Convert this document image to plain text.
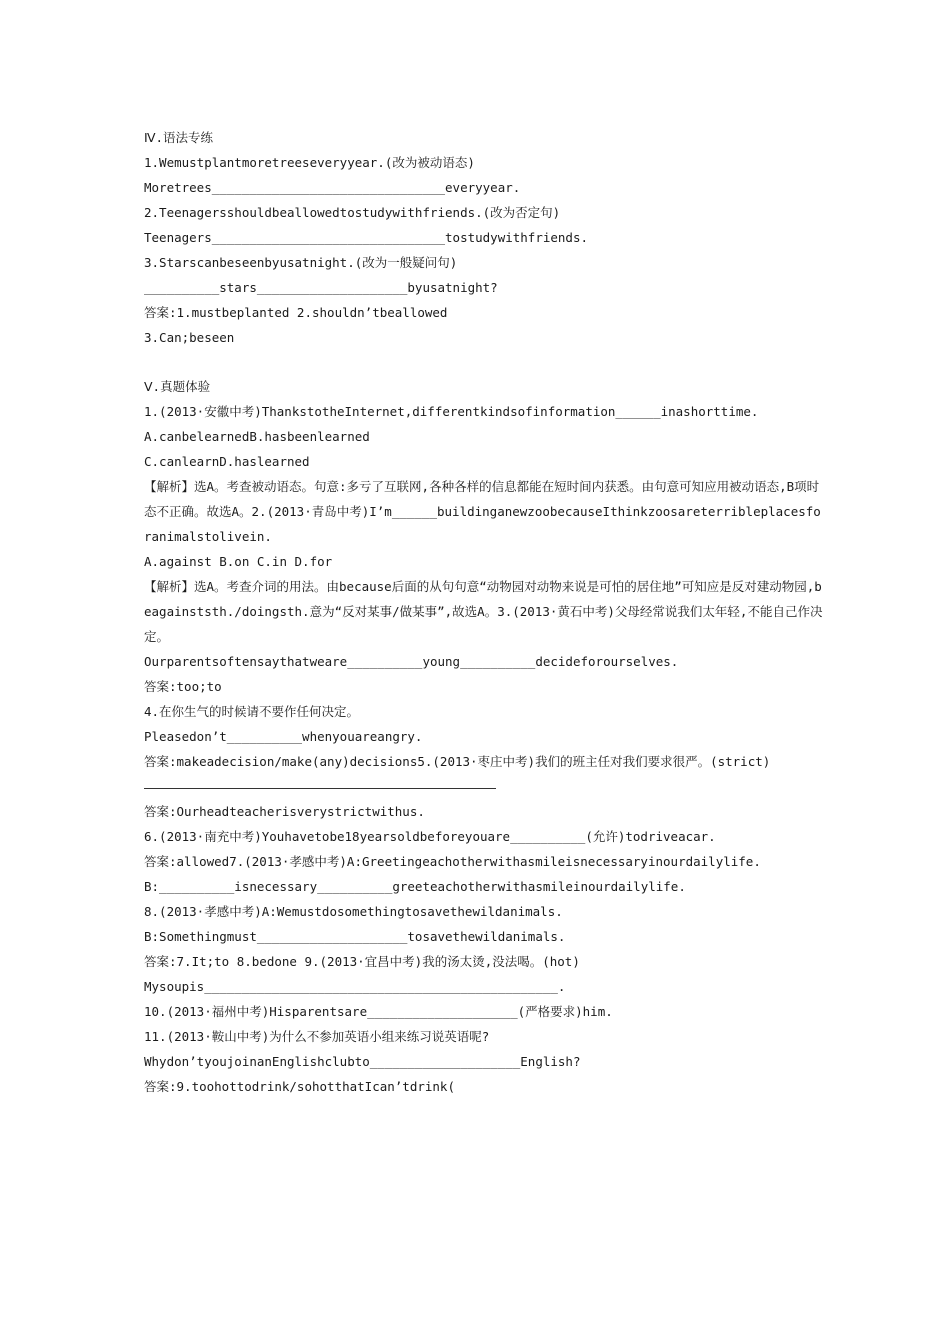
Ⅳ.语法专练
1.Wemustplantmoretreeseveryyear.(改为被动语态)
Moretrees_______________________________everyyear.
2.Teenagersshouldbeallowedtostudywithfriends.(改为否定句)
Teenagers_______________________________tostudywithfriends.
3.Starscanbeseenbyusatnight.(改为一般疑问句)
__________stars____________________byusatnight?
答案:1.mustbeplanted 2.shouldn’tbeallowed
3.Can;beseen
Ⅴ.真题体验
1.(2013·安徽中考)ThankstotheInternet,differentkindsofinformation______inashorttime.
A.canbelearnedB.hasbeenlearned
C.canlearnD.haslearned
【解析】选A。考查被动语态。句意:多亏了互联网,各种各样的信息都能在短时间内获悉。由句意可知应用被动语态,B项时态不正确。故选A。2.(2013·青岛中考)I’m______buildinganewzoobecauseIthinkzoosareterribleplacesforanimalstolivein.
A.against B.on C.in D.for
【解析】选A。考查介词的用法。由because后面的从句句意“动物园对动物来说是可怕的居住地”可知应是反对建动物园,beagainststh./doingsth.意为“反对某事/做某事”,故选A。3.(2013·黄石中考)父母经常说我们太年轻,不能自己作决定。
Ourparentsoftensaythatweare__________young__________decideforourselves.
答案:too;to
4.在你生气的时候请不要作任何决定。
Pleasedon’t__________whenyouareangry.
答案:makeadecision/make(any)decisions5.(2013·枣庄中考)我们的班主任对我们要求很严。(strict)
答案:Ourheadteacherisverystrictwithus.
6.(2013·南充中考)Youhavetobe18yearsoldbeforeyouare__________(允许)todriveacar.
答案:allowed7.(2013·孝感中考)A:Greetingeachotherwithasmileisnecessaryinourdailylife.
B:__________isnecessary__________greeteachotherwithasmileinourdailylife.
8.(2013·孝感中考)A:Wemustdosomethingtosavethewildanimals.
B:Somethingmust____________________tosavethewildanimals.
答案:7.It;to 8.bedone 9.(2013·宜昌中考)我的汤太烫,没法喝。(hot)
Mysoupis_______________________________________________.
10.(2013·福州中考)Hisparentsare____________________(严格要求)him.
11.(2013·鞍山中考)为什么不参加英语小组来练习说英语呢?
Whydon’tyoujoinanEnglishclubto____________________English?
答案:9.toohottodrink/sohotthatIcan’tdrink(
